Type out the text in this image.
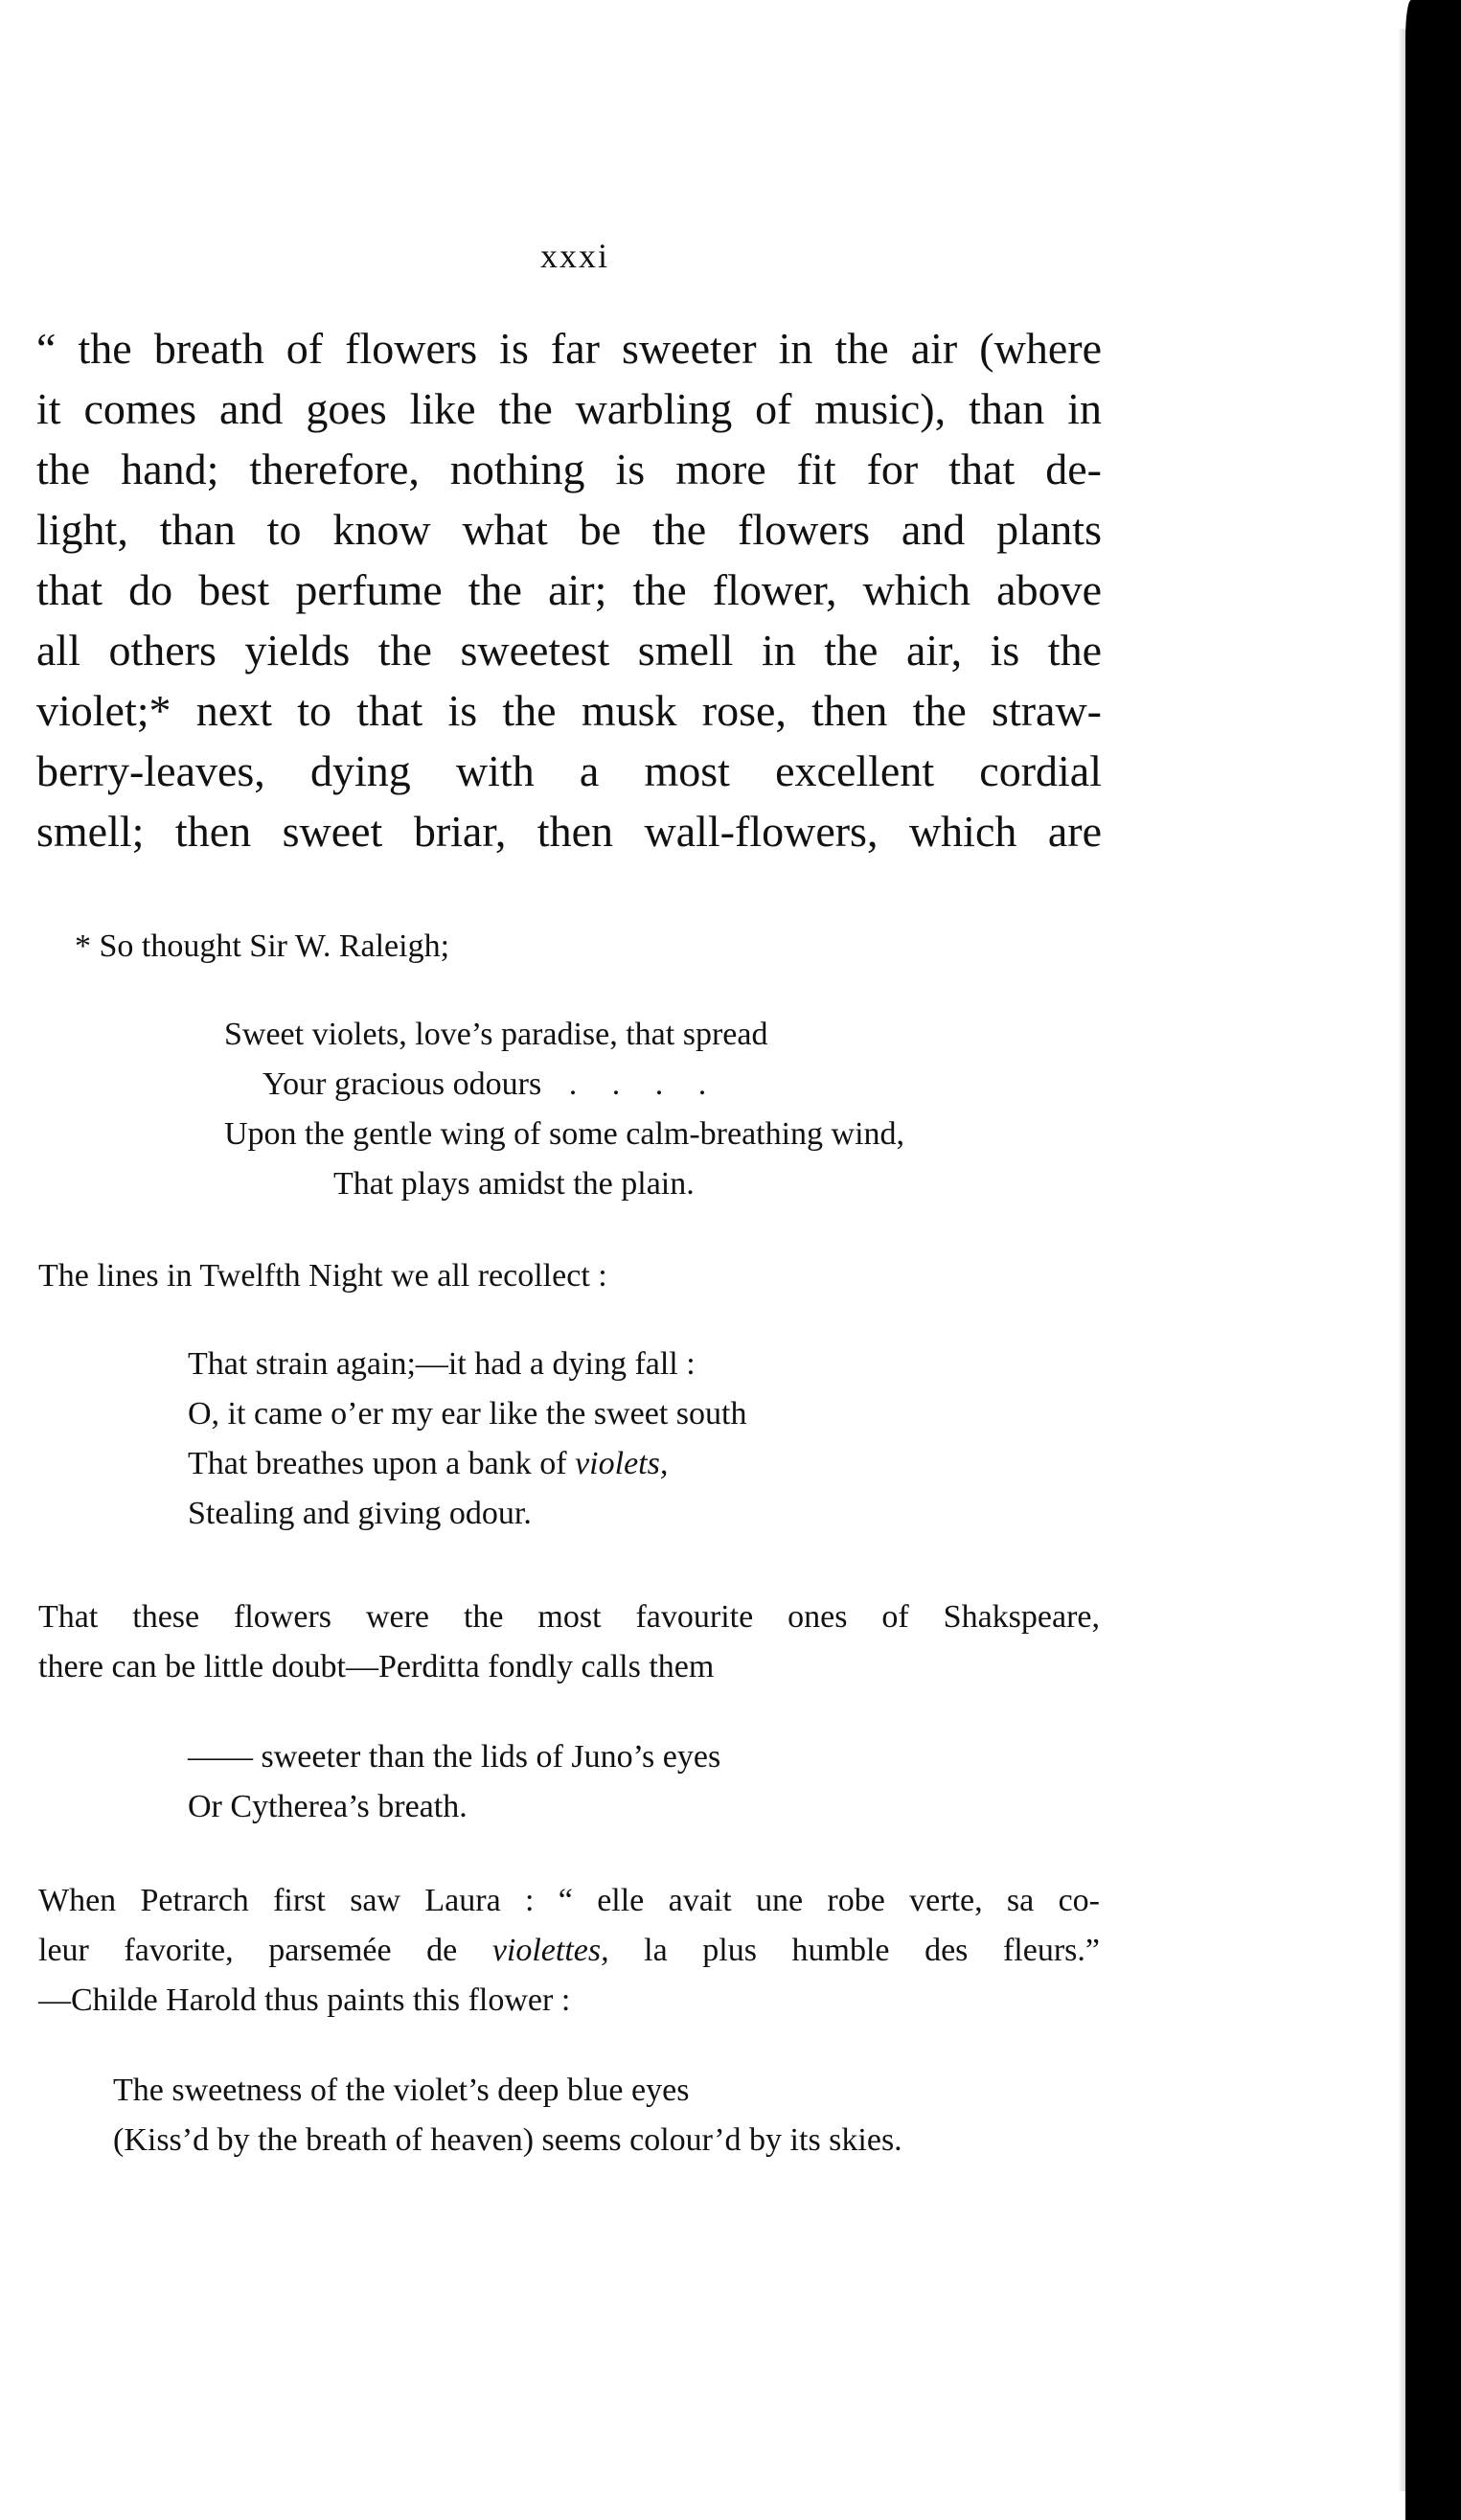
xxxi
“ the breath of flowers is far sweeter in the air (where
it comes and goes like the warbling of music), than in
the hand; therefore, nothing is more fit for that de-
light, than to know what be the flowers and plants
that do best perfume the air; the flower, which above
all others yields the sweetest smell in the air, is the
violet;* next to that is the musk rose, then the straw-
berry-leaves, dying with a most excellent cordial
smell; then sweet briar, then wall-flowers, which are
* So thought Sir W. Raleigh;
Sweet violets, love’s paradise, that spread
Your gracious odours . . . .
Upon the gentle wing of some calm-breathing wind,
That plays amidst the plain.
The lines in Twelfth Night we all recollect :
That strain again;—it had a dying fall :
O, it came o’er my ear like the sweet south
That breathes upon a bank of violets,
Stealing and giving odour.
That these flowers were the most favourite ones of Shakspeare,
there can be little doubt—Perditta fondly calls them
—— sweeter than the lids of Juno’s eyes
Or Cytherea’s breath.
When Petrarch first saw Laura : “ elle avait une robe verte, sa co-
leur favorite, parsemée de violettes, la plus humble des fleurs.”
—Childe Harold thus paints this flower :
The sweetness of the violet’s deep blue eyes
(Kiss’d by the breath of heaven) seems colour’d by its skies.
